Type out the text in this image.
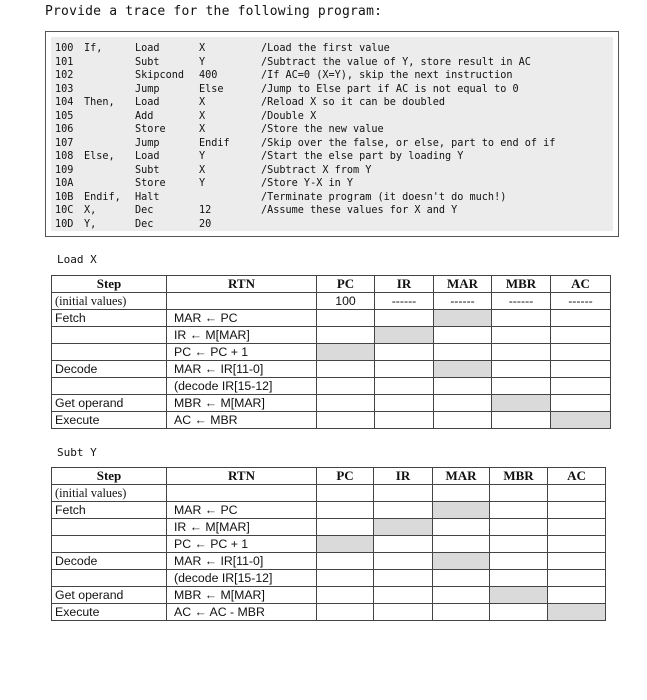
Provide a trace for the following program:
100 If,	Load	X	/Load the first value
101	Subt	Y	/Subtract the value of Y, store result in AC
102	Skipcond 400	/If AC=0 (X=Y), skip the next instruction
103	Jump	Else	/Jump to Else part if AC is not equal to 0
104 Then, Load	X	/Reload X so it can be doubled
105	Add	X	/Double X
106	Store	X	/Store the new value
107	Jump	Endif	/Skip over the false, or else, part to end of if
108 Else, Load	Y	/Start the else part by loading Y
109	Subt	X	/Subtract X from Y
10A	Store	Y	/Store Y-X in Y
10B Endif, Halt	/Terminate program (it doesn't do much!)
10C X,	Dec	12	/Assume these values for X and Y
10D Y,	Dec	20
Load X
Step	RTN	PC	IR	MAR	MBR	AC
(initial values)		100	------	------	------	------
Fetch	MAR ← PC					
	IR ← M[MAR]					
	PC ← PC + 1					
Decode	MAR ← IR[11-0]					
	(decode IR[15-12]					
Get operand	MBR ← M[MAR]					
Execute	AC ← MBR					
Subt Y
Step	RTN	PC	IR	MAR	MBR	AC
(initial values)						
Fetch	MAR ← PC					
	IR ← M[MAR]					
	PC ← PC + 1					
Decode	MAR ← IR[11-0]					
	(decode IR[15-12]					
Get operand	MBR ← M[MAR]					
Execute	AC ← AC - MBR					
